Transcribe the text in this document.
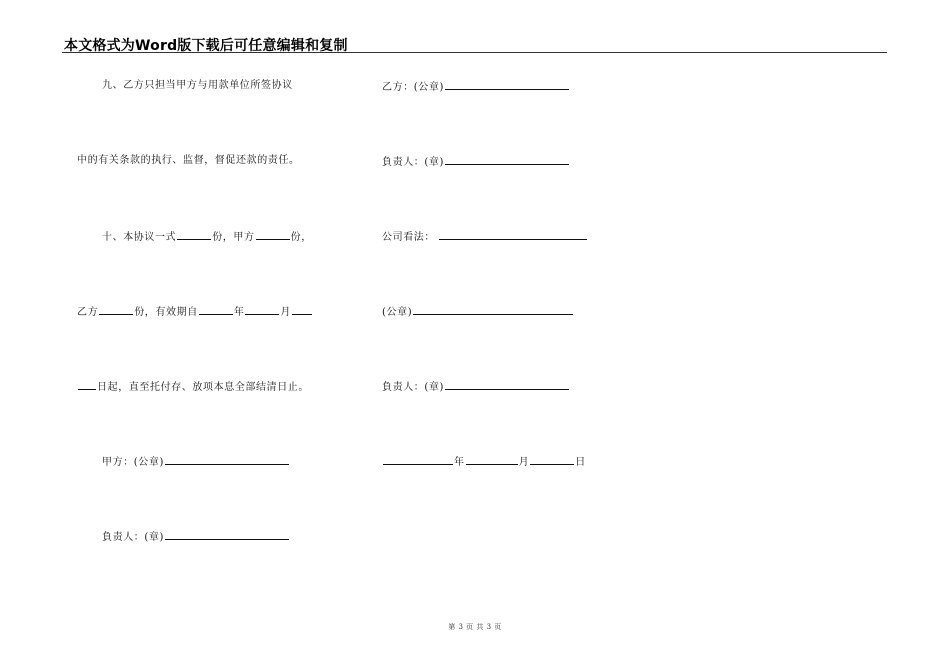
本文格式为Word版下载后可任意编辑和复制
九、乙方只担当甲方与用款单位所签协议
中的有关条款的执行、监督，督促还款的责任。
十、本协议一式	份，甲方	份，
乙方	份，有效期自	年	月
日起，直至托付存、放项本息全部结清日止。
甲方：(公章)
負责人：(章)
乙方：(公章)
負责人：(章)
公司看法：
(公章)
負责人：(章)
年	月	日
第 3 页 共 3 页
